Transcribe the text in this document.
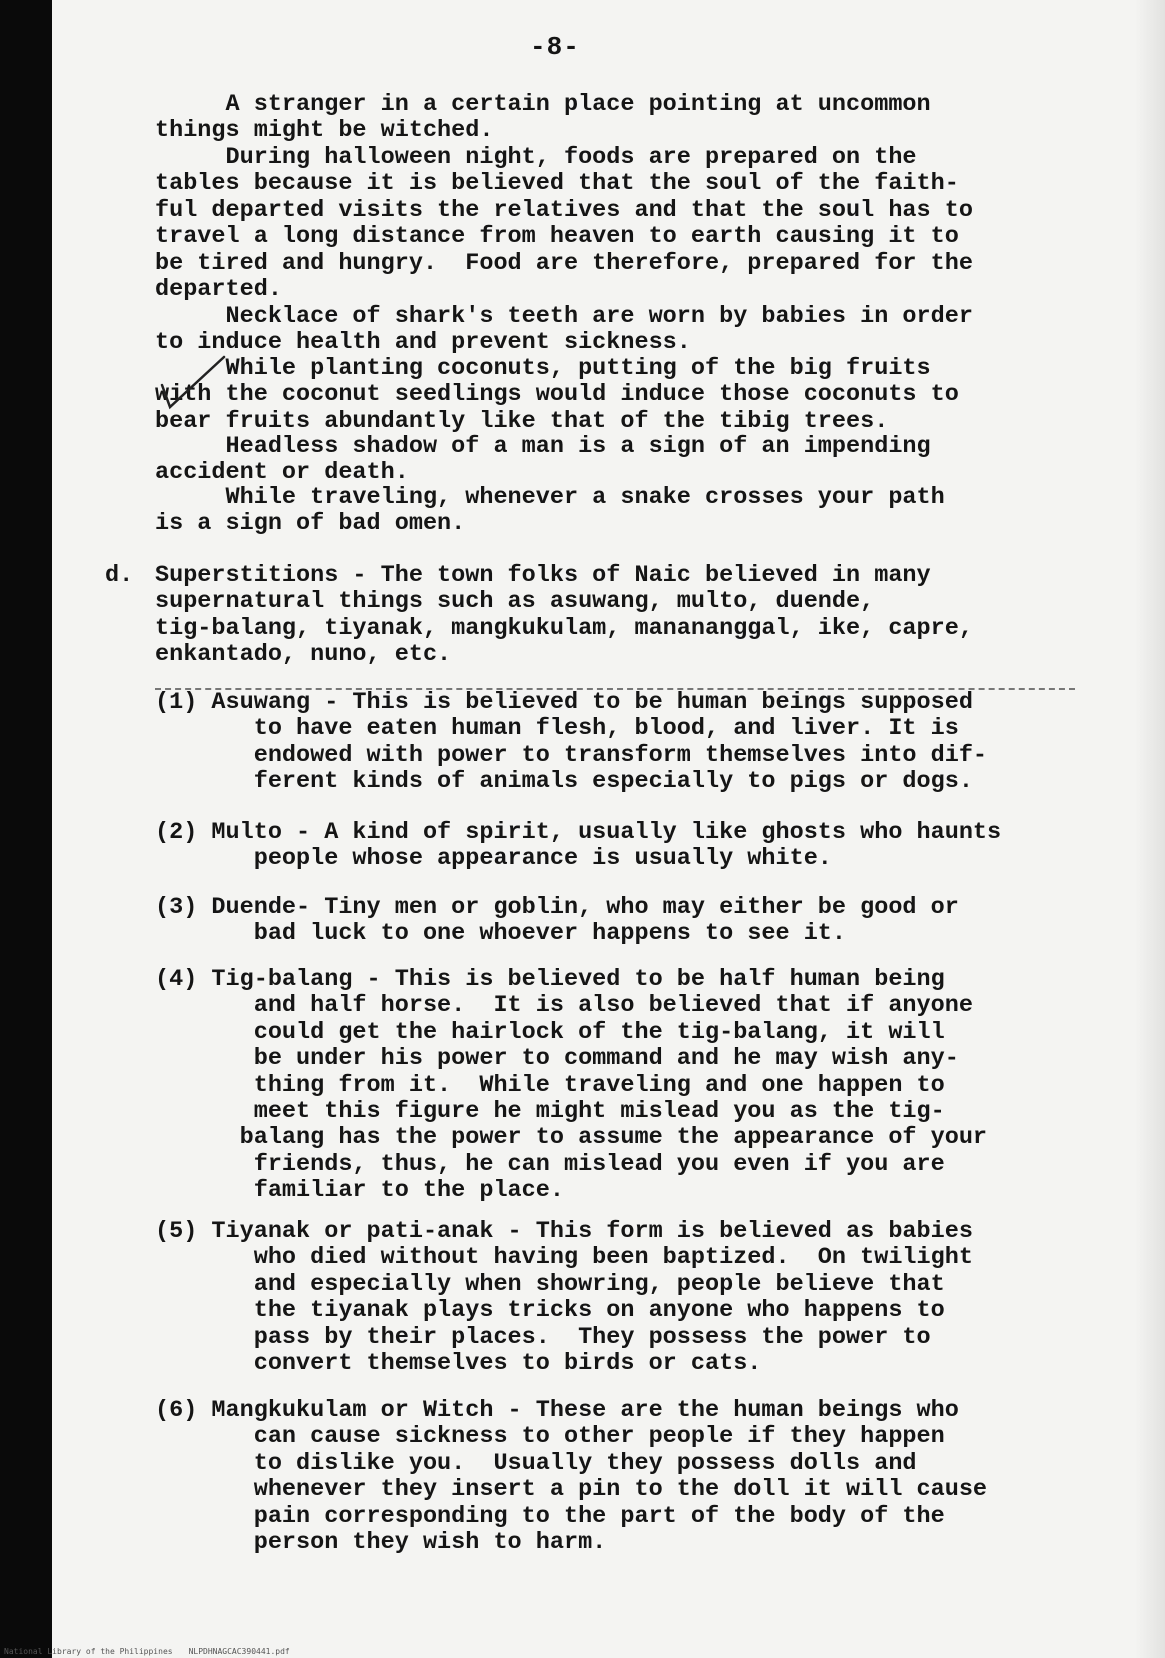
-8-

A stranger in a certain place pointing at uncommon
things might be witched.

During halloween night, foods are prepared on the
tables because it is believed that the soul of the faith-
ful departed visits the relatives and that the soul has to
travel a long distance from heaven to earth causing it to
be tired and hungry.  Food are therefore, prepared for the
departed.

Necklace of shark's teeth are worn by babies in order
to induce health and prevent sickness.

While planting coconuts, putting of the big fruits
with the coconut seedlings would induce those coconuts to
bear fruits abundantly like that of the tibig trees.

Headless shadow of a man is a sign of an impending
accident or death.

While traveling, whenever a snake crosses your path
is a sign of bad omen.

d. Superstitions - The town folks of Naic believed in many
supernatural things such as asuwang, multo, duende,
tig-balang, tiyanak, mangkukulam, manananggal, ike, capre,
enkantado, nuno, etc.

(1) Asuwang - This is believed to be human beings supposed
to have eaten human flesh, blood, and liver. It is
endowed with power to transform themselves into dif-
ferent kinds of animals especially to pigs or dogs.

(2) Multo - A kind of spirit, usually like ghosts who haunts
people whose appearance is usually white.

(3) Duende- Tiny men or goblin, who may either be good or
bad luck to one whoever happens to see it.

(4) Tig-balang - This is believed to be half human being
and half horse.  It is also believed that if anyone
could get the hairlock of the tig-balang, it will
be under his power to command and he may wish any-
thing from it.  While traveling and one happen to
meet this figure he might mislead you as the tig-
balang has the power to assume the appearance of your
friends, thus, he can mislead you even if you are
familiar to the place.

(5) Tiyanak or pati-anak - This form is believed as babies
who died without having been baptized.  On twilight
and especially when showring, people believe that
the tiyanak plays tricks on anyone who happens to
pass by their places.  They possess the power to
convert themselves to birds or cats.

(6) Mangkukulam or Witch - These are the human beings who
can cause sickness to other people if they happen
to dislike you.  Usually they possess dolls and
whenever they insert a pin to the doll it will cause
pain corresponding to the part of the body of the
person they wish to harm.

National Library of the Philippines NLPDHNAGCAC390441.pdf
